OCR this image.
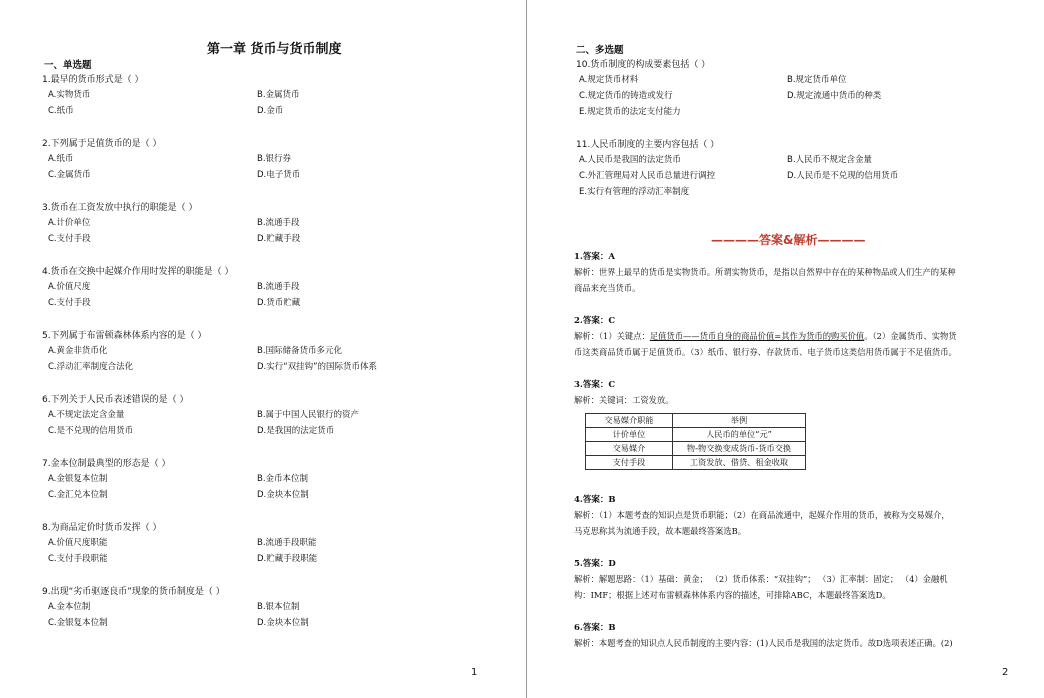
第一章 货币与货币制度
一、单选题
1.最早的货币形式是（ ）
A.实物货币	B.金属货币
C.纸币	D.金币
2.下列属于足值货币的是（ ）
A.纸币	B.银行券
C.金属货币	D.电子货币
3.货币在工资发放中执行的职能是（ ）
A.计价单位	B.流通手段
C.支付手段	D.贮藏手段
4.货币在交换中起媒介作用时发挥的职能是（ ）
A.价值尺度	B.流通手段
C.支付手段	D.货币贮藏
5.下列属于布雷顿森林体系内容的是（ ）
A.黄金非货币化	B.国际储备货币多元化
C.浮动汇率制度合法化	D.实行“双挂钩”的国际货币体系
6.下列关于人民币表述错误的是（ ）
A.不规定法定含金量	B.属于中国人民银行的资产
C.是不兑现的信用货币	D.是我国的法定货币
7.金本位制最典型的形态是（ ）
A.金银复本位制	B.金币本位制
C.金汇兑本位制	D.金块本位制
8.为商品定价时货币发挥（ ）
A.价值尺度职能	B.流通手段职能
C.支付手段职能	D.贮藏手段职能
9.出现“劣币驱逐良币”现象的货币制度是（ ）
A.金本位制	B.银本位制
C.金银复本位制	D.金块本位制
1
二、多选题
10.货币制度的构成要素包括（ ）
A.规定货币材料	B.规定货币单位
C.规定货币的铸造或发行	D.规定流通中货币的种类
E.规定货币的法定支付能力
11.人民币制度的主要内容包括（ ）
A.人民币是我国的法定货币	B.人民币不规定含金量
C.外汇管理局对人民币总量进行调控	D.人民币是不兑现的信用货币
E.实行有管理的浮动汇率制度
————答案&解析————
1.答案：A
解析：世界上最早的货币是实物货币。所谓实物货币，是指以自然界中存在的某种物品或人们生产的某种
商品来充当货币。
2.答案：C
解析：（1）关键点：足值货币——货币自身的商品价值=其作为货币的购买价值。（2）金属货币、实物货
币这类商品货币属于足值货币。（3）纸币、银行券、存款货币、电子货币这类信用货币属于不足值货币。
3.答案：C
解析：关键词：工资发放。
交易媒介职能	举例
计价单位	人民币的单位“元”
交易媒介	物-物交换变成货币-货币交换
支付手段	工资发放、借贷、租金收取
4.答案：B
解析：（1）本题考查的知识点是货币职能；（2）在商品流通中，起媒介作用的货币，被称为交易媒介，
马克思称其为流通手段，故本题最终答案选B。
5.答案：D
解析：解题思路：（1）基础：黄金； （2）货币体系：“双挂钩”； （3）汇率制：固定； （4）金融机
构：IMF；根据上述对布雷顿森林体系内容的描述，可排除ABC，本题最终答案选D。
6.答案：B
解析：本题考查的知识点人民币制度的主要内容：(1)人民币是我国的法定货币。故D选项表述正确。(2)
2
